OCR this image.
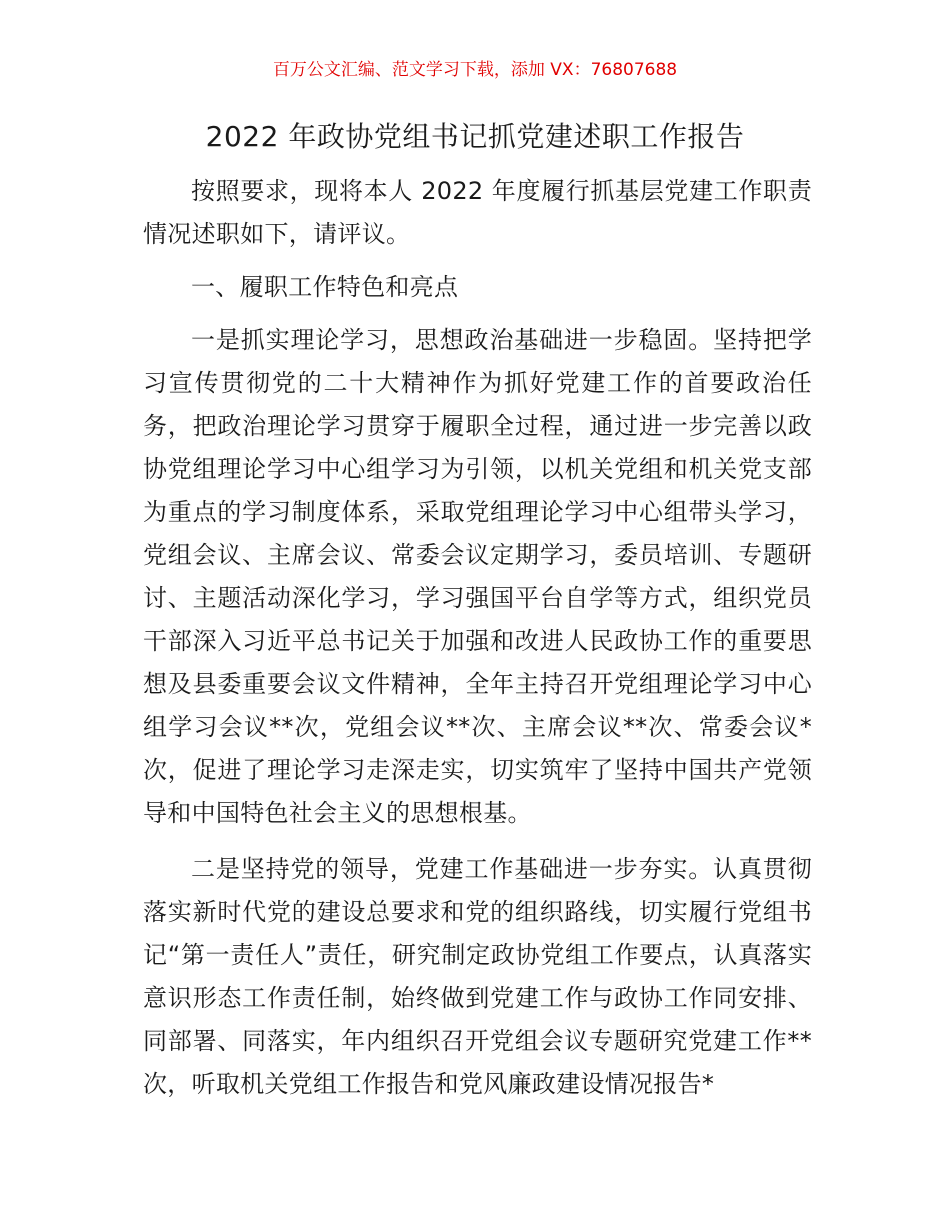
百万公文汇编、范文学习下载，添加 VX：76807688
2022 年政协党组书记抓党建述职工作报告

按照要求，现将本人 2022 年度履行抓基层党建工作职责情况述职如下，请评议。

一、履职工作特色和亮点

一是抓实理论学习，思想政治基础进一步稳固。坚持把学习宣传贯彻党的二十大精神作为抓好党建工作的首要政治任务，把政治理论学习贯穿于履职全过程，通过进一步完善以政协党组理论学习中心组学习为引领，以机关党组和机关党支部为重点的学习制度体系，采取党组理论学习中心组带头学习，党组会议、主席会议、常委会议定期学习，委员培训、专题研讨、主题活动深化学习，学习强国平台自学等方式，组织党员干部深入习近平总书记关于加强和改进人民政协工作的重要思想及县委重要会议文件精神，全年主持召开党组理论学习中心组学习会议**次，党组会议**次、主席会议**次、常委会议*次，促进了理论学习走深走实，切实筑牢了坚持中国共产党领导和中国特色社会主义的思想根基。

二是坚持党的领导，党建工作基础进一步夯实。认真贯彻落实新时代党的建设总要求和党的组织路线，切实履行党组书记“第一责任人”责任，研究制定政协党组工作要点，认真落实意识形态工作责任制，始终做到党建工作与政协工作同安排、同部署、同落实，年内组织召开党组会议专题研究党建工作**次，听取机关党组工作报告和党风廉政建设情况报告*
